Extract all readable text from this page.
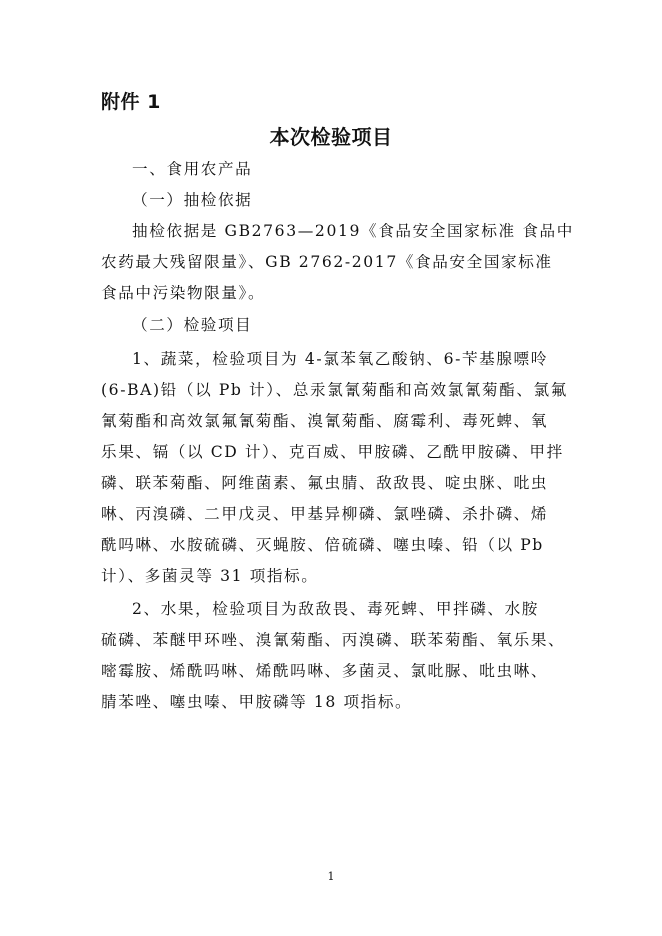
附件 1
本次检验项目
一、食用农产品
（一）抽检依据
抽检依据是 GB2763—2019《食品安全国家标准 食品中
农药最大残留限量》、GB 2762-2017《食品安全国家标准
食品中污染物限量》。
（二）检验项目
1、蔬菜，检验项目为 4-氯苯氧乙酸钠、6-苄基腺嘌呤
(6-BA)铅（以 Pb 计）、总汞氯氰菊酯和高效氯氰菊酯、氯氟
氰菊酯和高效氯氟氰菊酯、溴氰菊酯、腐霉利、毒死蜱、氧
乐果、镉（以 CD 计）、克百威、甲胺磷、乙酰甲胺磷、甲拌
磷、联苯菊酯、阿维菌素、氟虫腈、敌敌畏、啶虫脒、吡虫
啉、丙溴磷、二甲戊灵、甲基异柳磷、氯唑磷、杀扑磷、烯
酰吗啉、水胺硫磷、灭蝇胺、倍硫磷、噻虫嗪、铅（以 Pb
计）、多菌灵等 31 项指标。
2、水果，检验项目为敌敌畏、毒死蜱、甲拌磷、水胺
硫磷、苯醚甲环唑、溴氰菊酯、丙溴磷、联苯菊酯、氧乐果、
嘧霉胺、烯酰吗啉、烯酰吗啉、多菌灵、氯吡脲、吡虫啉、
腈苯唑、噻虫嗪、甲胺磷等 18 项指标。
1
